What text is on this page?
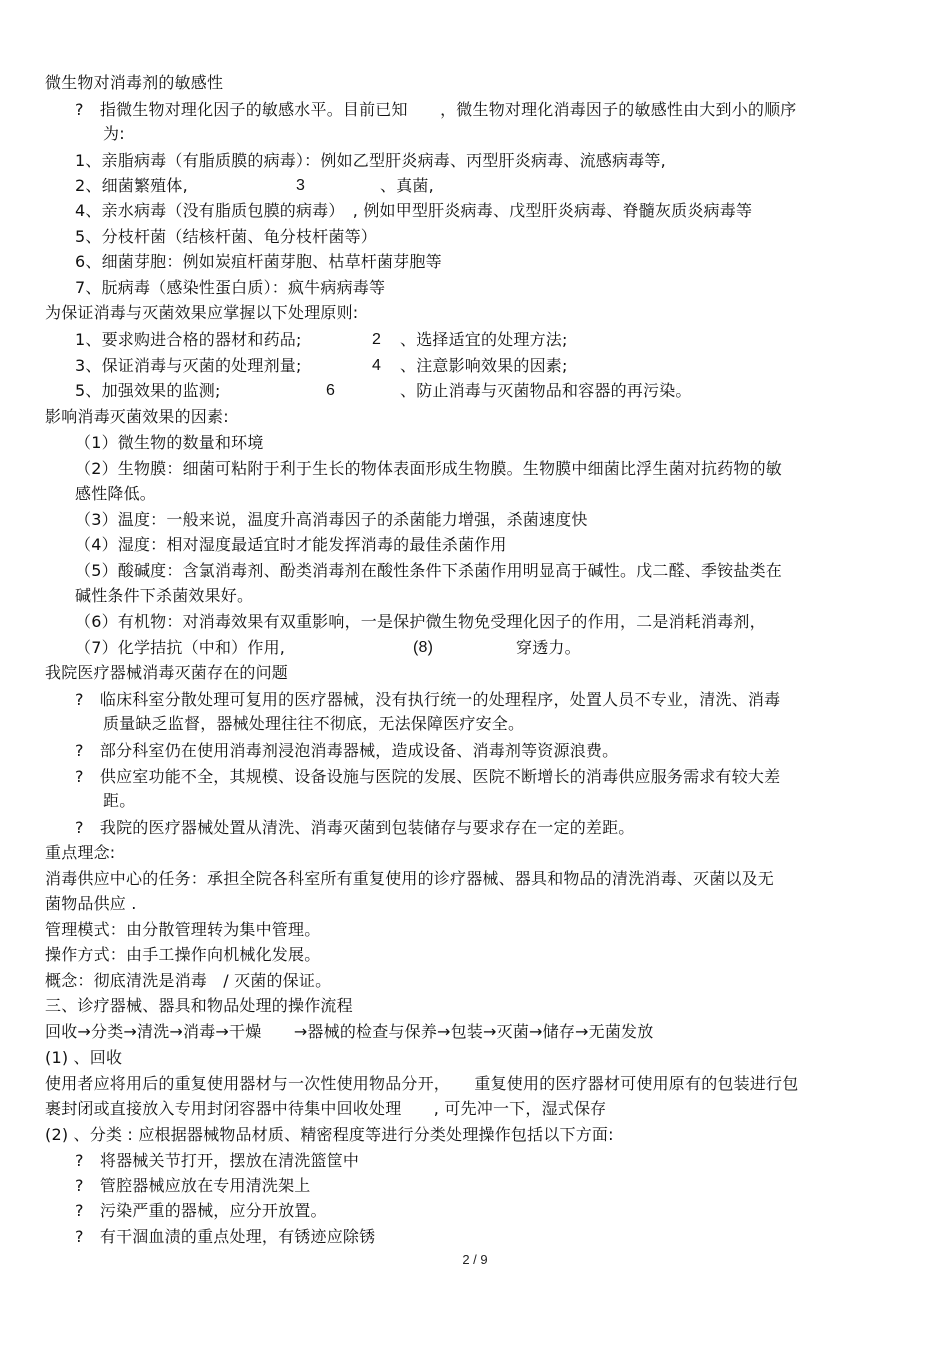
微生物对消毒剂的敏感性
?　指微生物对理化因子的敏感水平。目前已知　　，微生物对理化消毒因子的敏感性由大到小的顺序
为:
1、亲脂病毒（有脂质膜的病毒）：例如乙型肝炎病毒、丙型肝炎病毒、流感病毒等,
2、细菌繁殖体,	3	、真菌,
4、亲水病毒（没有脂质包膜的病毒）　, 例如甲型肝炎病毒、戊型肝炎病毒、脊髓灰质炎病毒等
5、分枝杆菌（结核杆菌、龟分枝杆菌等）
6、细菌芽胞：例如炭疽杆菌芽胞、枯草杆菌芽胞等
7、朊病毒（感染性蛋白质）：疯牛病病毒等
为保证消毒与灭菌效果应掌握以下处理原则:
1、要求购进合格的器材和药品;	2 、选择适宜的处理方法;
3、保证消毒与灭菌的处理剂量;	4 、注意影响效果的因素;
5、加强效果的监测;	6	、防止消毒与灭菌物品和容器的再污染。
影响消毒灭菌效果的因素:
（1）微生物的数量和环境
（2）生物膜：细菌可粘附于利于生长的物体表面形成生物膜。生物膜中细菌比浮生菌对抗药物的敏
感性降低。
（3）温度：一般来说，温度升高消毒因子的杀菌能力增强，杀菌速度快
（4）湿度：相对湿度最适宜时才能发挥消毒的最佳杀菌作用
（5）酸碱度：含氯消毒剂、酚类消毒剂在酸性条件下杀菌作用明显高于碱性。戊二醛、季铵盐类在
碱性条件下杀菌效果好。
（6）有机物：对消毒效果有双重影响，一是保护微生物免受理化因子的作用，二是消耗消毒剂，
（7）化学拮抗（中和）作用,	(8)	穿透力。
我院医疗器械消毒灭菌存在的问题
?　临床科室分散处理可复用的医疗器械，没有执行统一的处理程序，处置人员不专业，清洗、消毒
质量缺乏监督，器械处理往往不彻底，无法保障医疗安全。
?　部分科室仍在使用消毒剂浸泡消毒器械，造成设备、消毒剂等资源浪费。
?　供应室功能不全，其规模、设备设施与医院的发展、医院不断增长的消毒供应服务需求有较大差
距。
?　我院的医疗器械处置从清洗、消毒灭菌到包装储存与要求存在一定的差距。
重点理念:
消毒供应中心的任务：承担全院各科室所有重复使用的诊疗器械、器具和物品的清洗消毒、灭菌以及无
菌物品供应 .
管理模式：由分散管理转为集中管理。
操作方式：由手工操作向机械化发展。
概念：彻底清洗是消毒　/ 灭菌的保证。
三、诊疗器械、器具和物品处理的操作流程
回收→分类→清洗→消毒→干燥　　→器械的检查与保养→包装→灭菌→储存→无菌发放
(1) 、回收
使用者应将用后的重复使用器材与一次性使用物品分开，　　重复使用的医疗器材可使用原有的包装进行包
裹封闭或直接放入专用封闭容器中待集中回收处理　　, 可先冲一下，湿式保存
(2) 、分类 : 应根据器械物品材质、精密程度等进行分类处理操作包括以下方面:
?　将器械关节打开，摆放在清洗篮筐中
?　管腔器械应放在专用清洗架上
?　污染严重的器械，应分开放置。
?　有干涸血渍的重点处理，有锈迹应除锈
2 / 9
